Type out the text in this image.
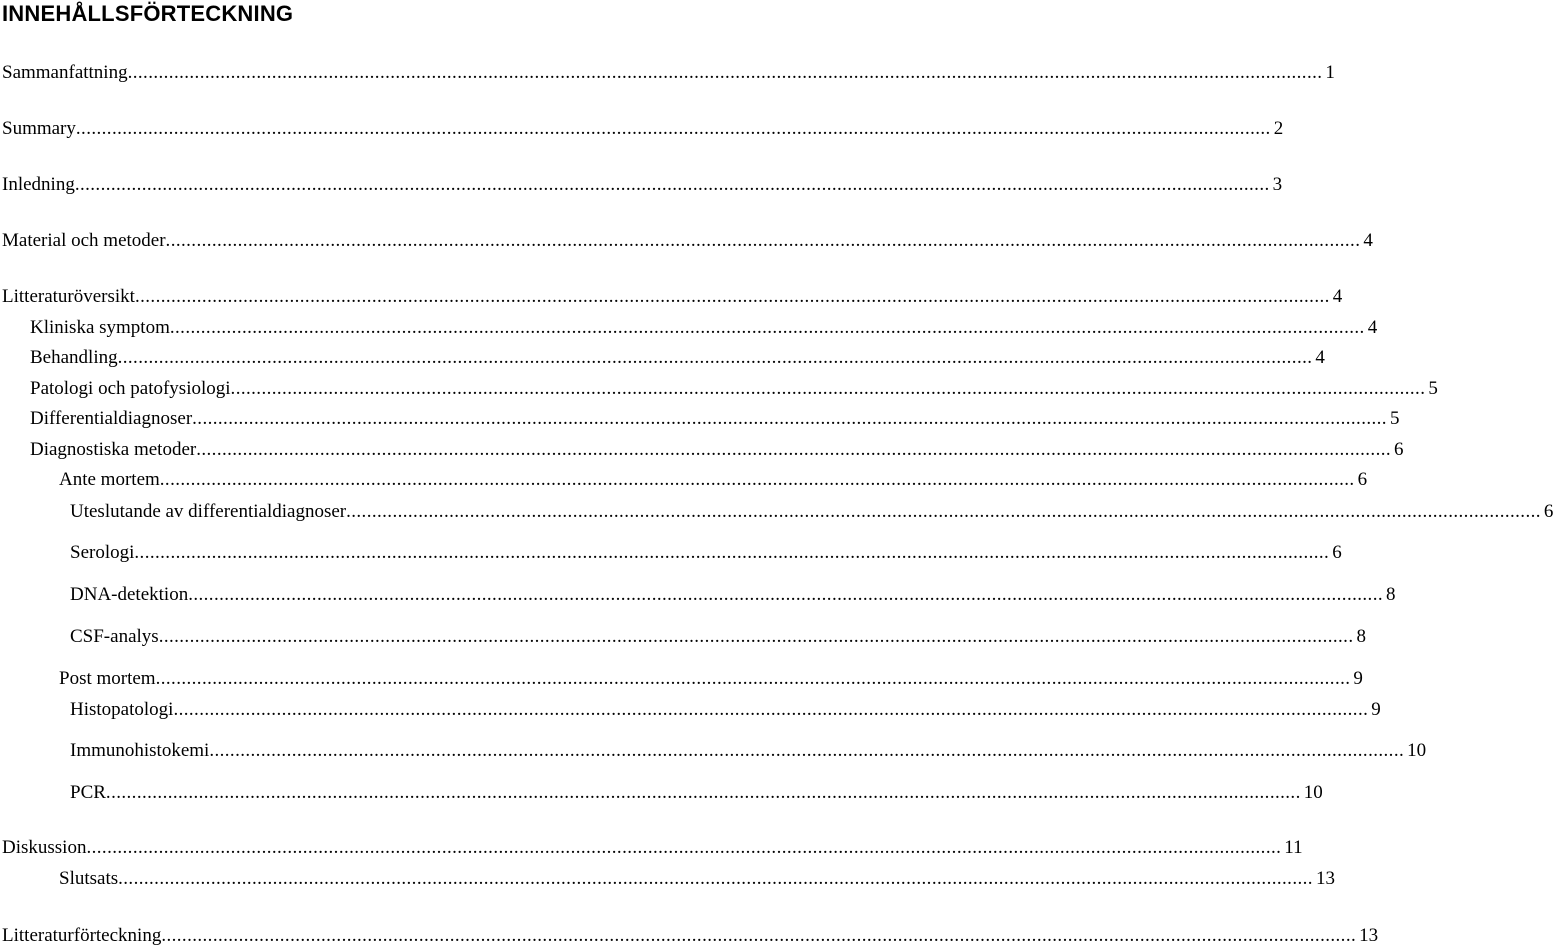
INNEHÅLLSFÖRTECKNING
Sammanfattning .....	1
Summary .....	2
Inledning .....	3
Material och metoder .....	4
Litteraturöversikt .....	4
Kliniska symptom .....	4
Behandling .....	4
Patologi och patofysiologi .....	5
Differentialdiagnoser .....	5
Diagnostiska metoder .....	6
Ante mortem .....	6
Uteslutande av differentialdiagnoser .....	6
Serologi .....	6
DNA-detektion .....	8
CSF-analys .....	8
Post mortem .....	9
Histopatologi .....	9
Immunohistokemi .....	10
PCR .....	10
Diskussion .....	11
Slutsats .....	13
Litteraturförteckning .....	13
